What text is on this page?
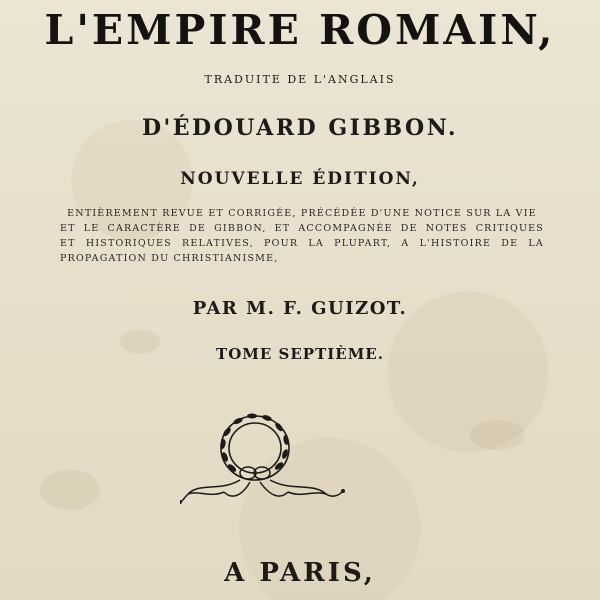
L'EMPIRE ROMAIN,
TRADUITE DE L'ANGLAIS
D'ÉDOUARD GIBBON.
NOUVELLE ÉDITION,
ENTIÈREMENT REVUE ET CORRIGÉE, PRÉCÉDÉE D'UNE NOTICE SUR LA VIE
ET LE CARACTÈRE DE GIBBON, ET ACCOMPAGNÉE DE NOTES CRITIQUES
ET HISTORIQUES RELATIVES, POUR LA PLUPART, A L'HISTOIRE DE LA
PROPAGATION DU CHRISTIANISME,
PAR M. F. GUIZOT.
TOME SEPTIÈME.
A PARIS,
